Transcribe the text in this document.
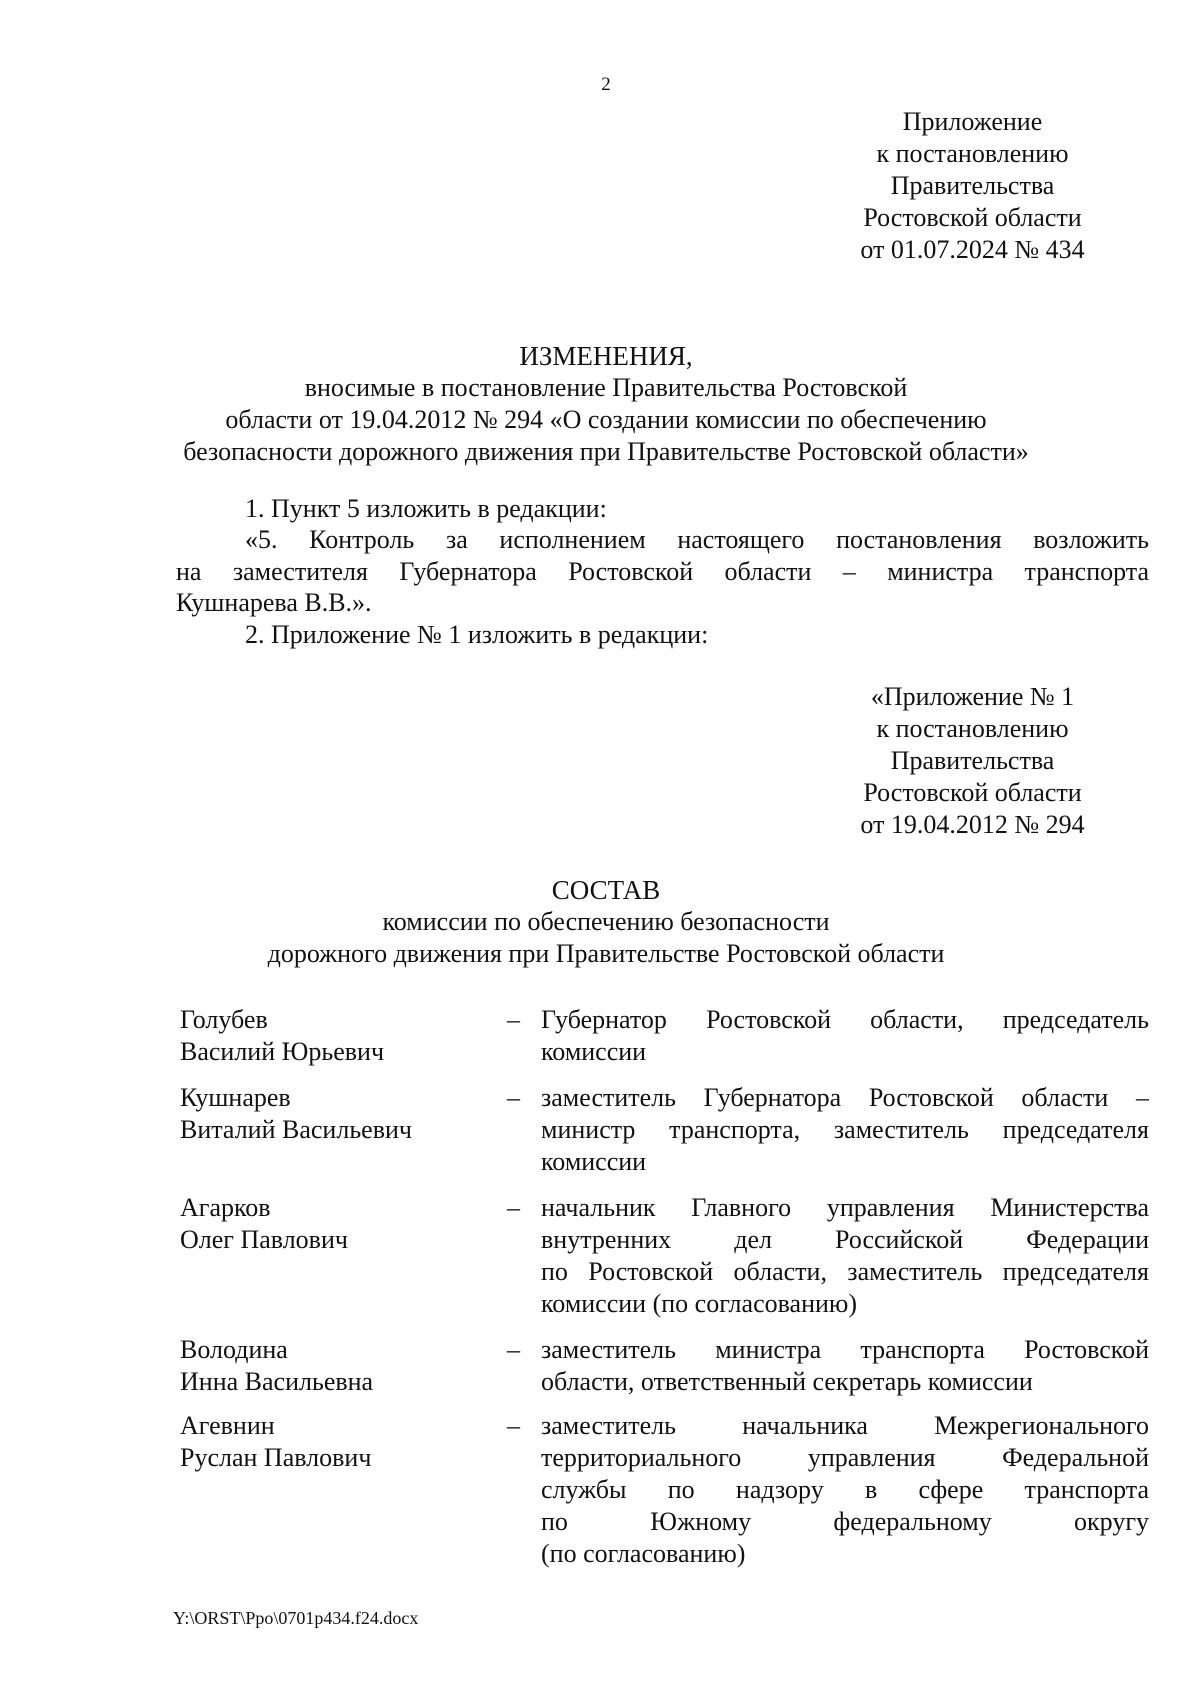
2
Приложение
к постановлению
Правительства
Ростовской области
от 01.07.2024 № 434
ИЗМЕНЕНИЯ,
вносимые в постановление Правительства Ростовской
области от 19.04.2012 № 294 «О создании комиссии по обеспечению
безопасности дорожного движения при Правительстве Ростовской области»
1. Пункт 5 изложить в редакции:
«5. Контроль за исполнением настоящего постановления возложить
на заместителя Губернатора Ростовской области – министра транспорта
Кушнарева В.В.».
2. Приложение № 1 изложить в редакции:
«Приложение № 1
к постановлению
Правительства
Ростовской области
от 19.04.2012 № 294
СОСТАВ
комиссии по обеспечению безопасности
дорожного движения при Правительстве Ростовской области
Голубев
Василий Юрьевич
– Губернатор Ростовской области, председатель
комиссии
Кушнарев
Виталий Васильевич
– заместитель Губернатора Ростовской области –
министр транспорта, заместитель председателя
комиссии
Агарков
Олег Павлович
– начальник Главного управления Министерства
внутренних дел Российской Федерации
по Ростовской области, заместитель председателя
комиссии (по согласованию)
Володина
Инна Васильевна
– заместитель министра транспорта Ростовской
области, ответственный секретарь комиссии
Агевнин
Руслан Павлович
– заместитель начальника Межрегионального
территориального управления Федеральной
службы по надзору в сфере транспорта
по Южному федеральному округу
(по согласованию)
Y:\ORST\Ppo\0701p434.f24.docx
